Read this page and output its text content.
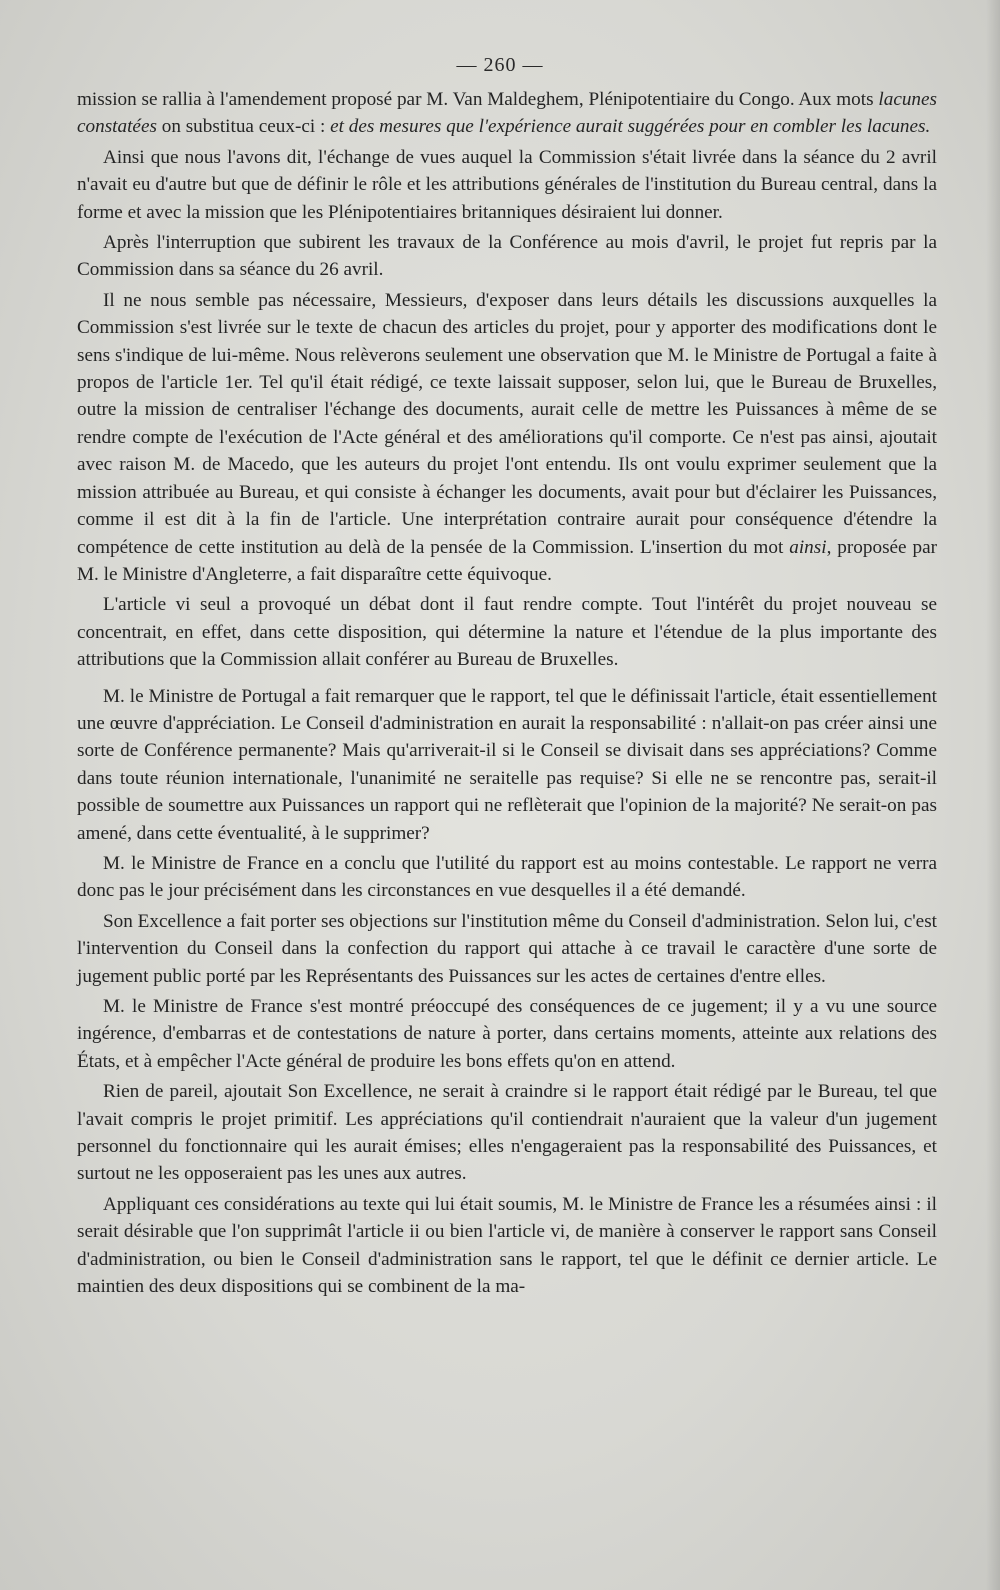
— 260 —

mission se rallia à l'amendement proposé par M. Van Maldeghem, Plénipotentiaire du Congo. Aux mots lacunes constatées on substitua ceux-ci : et des mesures que l'expérience aurait suggérées pour en combler les lacunes.

Ainsi que nous l'avons dit, l'échange de vues auquel la Commission s'était livrée dans la séance du 2 avril n'avait eu d'autre but que de définir le rôle et les attributions générales de l'institution du Bureau central, dans la forme et avec la mission que les Plénipotentiaires britanniques désiraient lui donner.

Après l'interruption que subirent les travaux de la Conférence au mois d'avril, le projet fut repris par la Commission dans sa séance du 26 avril.

Il ne nous semble pas nécessaire, Messieurs, d'exposer dans leurs détails les discussions auxquelles la Commission s'est livrée sur le texte de chacun des articles du projet, pour y apporter des modifications dont le sens s'indique de lui-même. Nous relèverons seulement une observation que M. le Ministre de Portugal a faite à propos de l'article 1er. Tel qu'il était rédigé, ce texte laissait supposer, selon lui, que le Bureau de Bruxelles, outre la mission de centraliser l'échange des documents, aurait celle de mettre les Puissances à même de se rendre compte de l'exécution de l'Acte général et des améliorations qu'il comporte. Ce n'est pas ainsi, ajoutait avec raison M. de Macedo, que les auteurs du projet l'ont entendu. Ils ont voulu exprimer seulement que la mission attribuée au Bureau, et qui consiste à échanger les documents, avait pour but d'éclairer les Puissances, comme il est dit à la fin de l'article. Une interprétation contraire aurait pour conséquence d'étendre la compétence de cette institution au delà de la pensée de la Commission. L'insertion du mot ainsi, proposée par M. le Ministre d'Angleterre, a fait disparaître cette équivoque.

L'article vi seul a provoqué un débat dont il faut rendre compte. Tout l'intérêt du projet nouveau se concentrait, en effet, dans cette disposition, qui détermine la nature et l'étendue de la plus importante des attributions que la Commission allait conférer au Bureau de Bruxelles.

M. le Ministre de Portugal a fait remarquer que le rapport, tel que le définissait l'article, était essentiellement une œuvre d'appréciation. Le Conseil d'administration en aurait la responsabilité : n'allait-on pas créer ainsi une sorte de Conférence permanente? Mais qu'arriverait-il si le Conseil se divisait dans ses appréciations? Comme dans toute réunion internationale, l'unanimité ne seraitelle pas requise? Si elle ne se rencontre pas, serait-il possible de soumettre aux Puissances un rapport qui ne reflèterait que l'opinion de la majorité? Ne serait-on pas amené, dans cette éventualité, à le supprimer?

M. le Ministre de France en a conclu que l'utilité du rapport est au moins contestable. Le rapport ne verra donc pas le jour précisément dans les circonstances en vue desquelles il a été demandé.

Son Excellence a fait porter ses objections sur l'institution même du Conseil d'administration. Selon lui, c'est l'intervention du Conseil dans la confection du rapport qui attache à ce travail le caractère d'une sorte de jugement public porté par les Représentants des Puissances sur les actes de certaines d'entre elles.

M. le Ministre de France s'est montré préoccupé des conséquences de ce jugement; il y a vu une source ingérence, d'embarras et de contestations de nature à porter, dans certains moments, atteinte aux relations des États, et à empêcher l'Acte général de produire les bons effets qu'on en attend.

Rien de pareil, ajoutait Son Excellence, ne serait à craindre si le rapport était rédigé par le Bureau, tel que l'avait compris le projet primitif. Les appréciations qu'il contiendrait n'auraient que la valeur d'un jugement personnel du fonctionnaire qui les aurait émises; elles n'engageraient pas la responsabilité des Puissances, et surtout ne les opposeraient pas les unes aux autres.

Appliquant ces considérations au texte qui lui était soumis, M. le Ministre de France les a résumées ainsi : il serait désirable que l'on supprimât l'article ii ou bien l'article vi, de manière à conserver le rapport sans Conseil d'administration, ou bien le Conseil d'administration sans le rapport, tel que le définit ce dernier article. Le maintien des deux dispositions qui se combinent de la ma-
